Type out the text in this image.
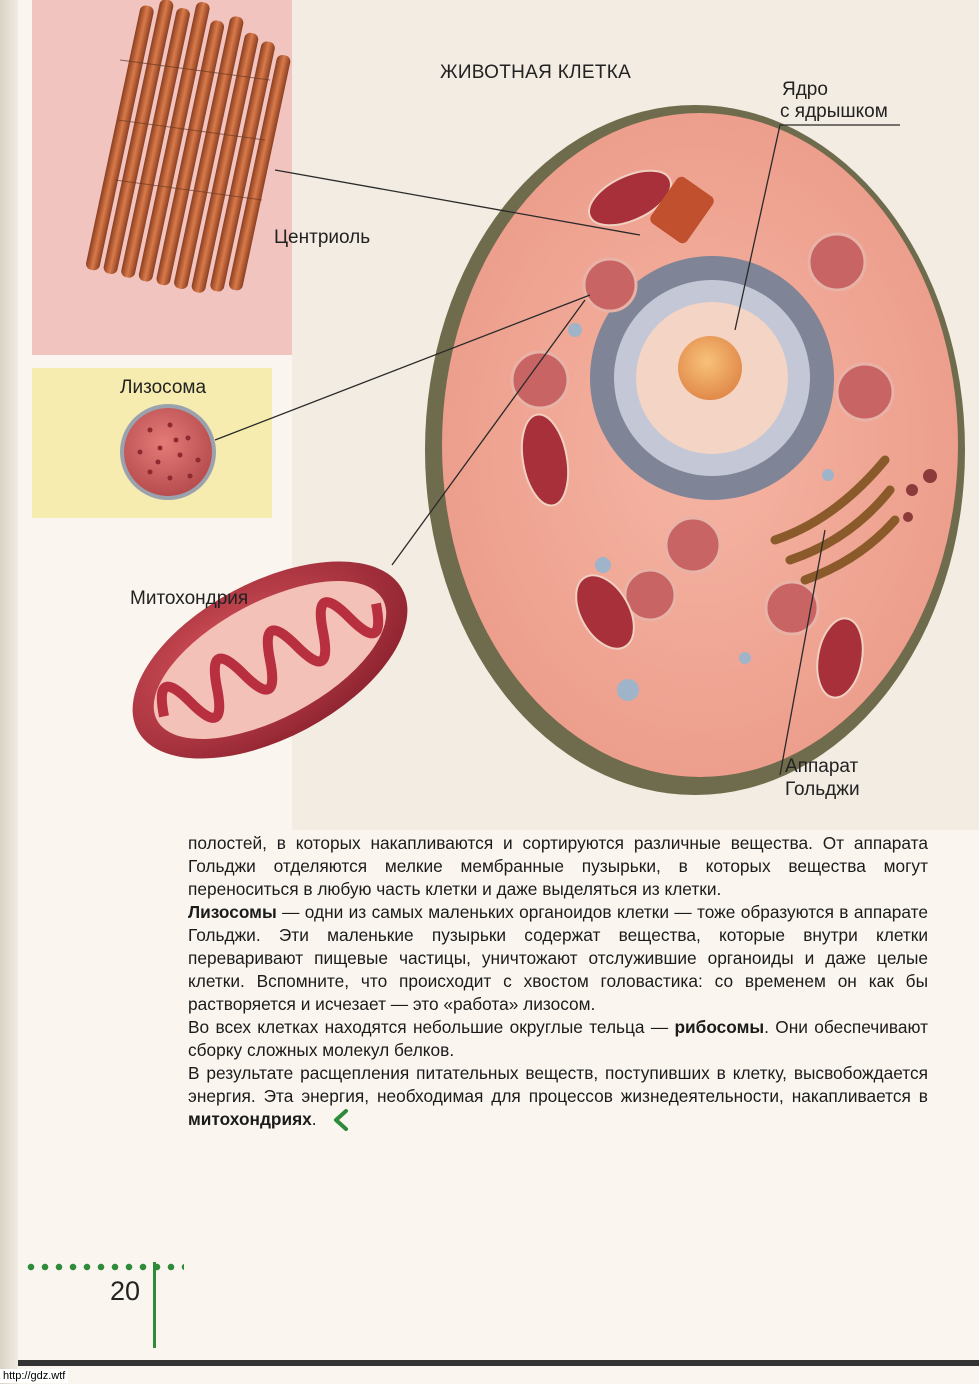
ЖИВОТНАЯ КЛЕТКА
Ядро
с ядрышком
Центриоль
Лизосома
Митохондрия
Аппарат
Гольджи

полостей, в которых накапливаются и сортируются различные вещества. От аппарата Гольджи отделяются мелкие мембранные пузырьки, в которых вещества могут переноситься в любую часть клетки и даже выделяться из клетки.

Лизосомы — одни из самых маленьких органоидов клетки — тоже образуются в аппарате Гольджи. Эти маленькие пузырьки содержат вещества, которые внутри клетки переваривают пищевые частицы, уничтожают отслужившие органоиды и даже целые клетки. Вспомните, что происходит с хвостом головастика: со временем он как бы растворяется и исчезает — это «работа» лизосом.

Во всех клетках находятся небольшие округлые тельца — рибосомы. Они обеспечивают сборку сложных молекул белков.

В результате расщепления питательных веществ, поступивших в клетку, высвобождается энергия. Эта энергия, необходимая для процессов жизнедеятельности, накапливается в митохондриях.

20
http://gdz.wtf
